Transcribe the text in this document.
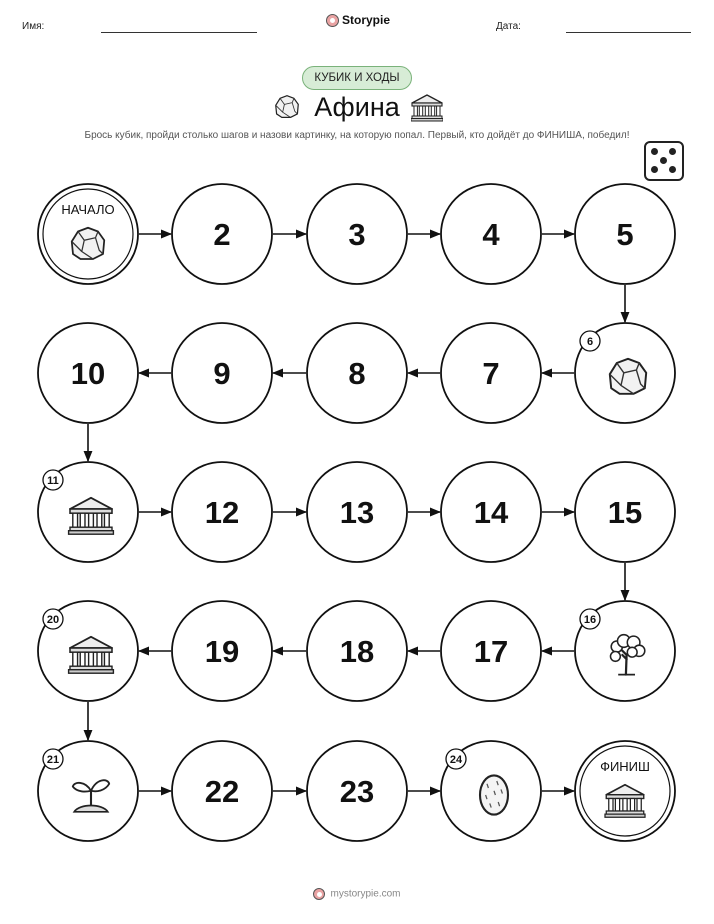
Имя:	Storypie	Дата:
КУБИК И ХОДЫ
Афина
Брось кубик, пройди столько шагов и назови картинку, на которую попал. Первый, кто дойдёт до ФИНИША, победил!
НАЧАЛО
2	3	4	5
6
7
8
9
10
11
12	13	14	15
16
17
18
19
20
21
22	23
24	ФИНИШ
mystorypie.com
